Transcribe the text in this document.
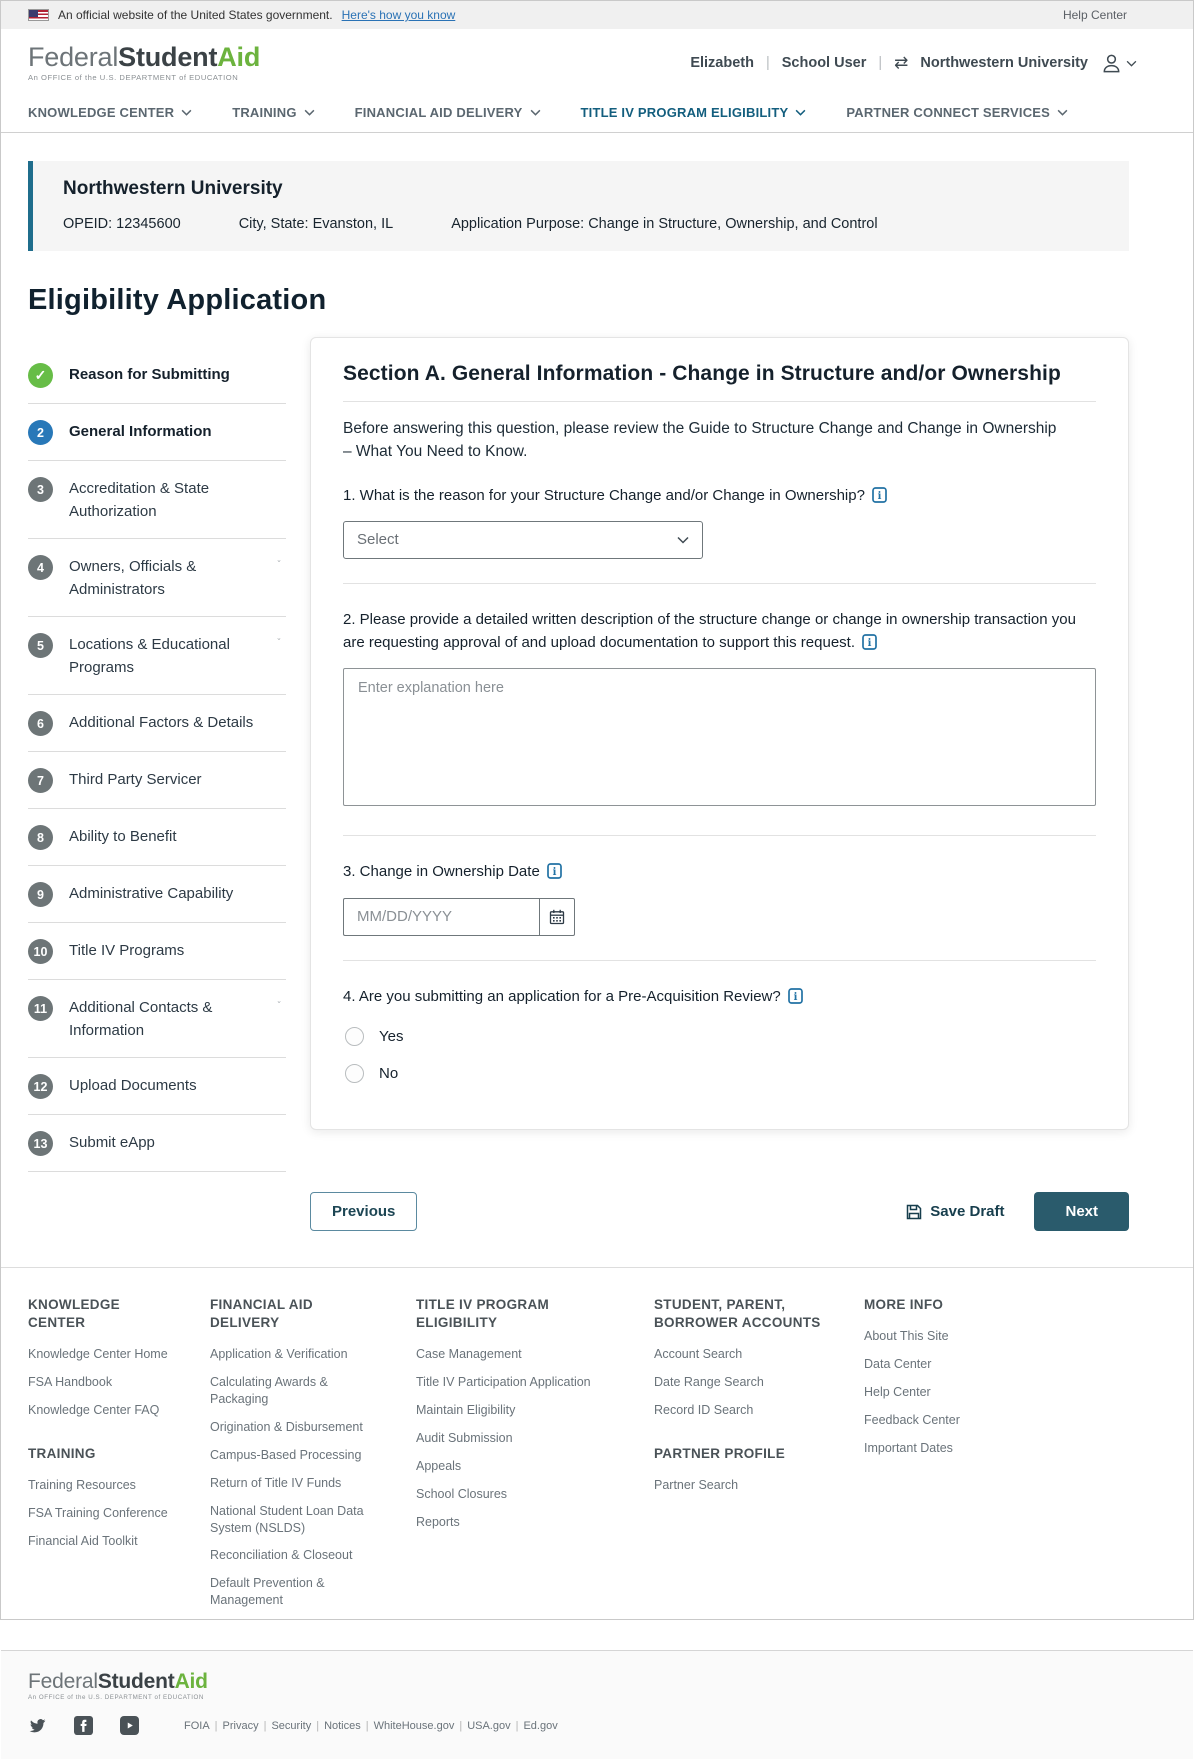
An official website of the United States government. Here's how you know	Help Center
FederalStudentAid
An OFFICE of the U.S. DEPARTMENT of EDUCATION
Elizabeth | School User | ⇄ Northwestern University
KNOWLEDGE CENTER	TRAINING	FINANCIAL AID DELIVERY	TITLE IV PROGRAM ELIGIBILITY	PARTNER CONNECT SERVICES
Northwestern University
OPEID: 12345600	City, State: Evanston, IL	Application Purpose: Change in Structure, Ownership, and Control
Eligibility Application
✓	Reason for Submitting
2	General Information
3	Accreditation & State Authorization
4	Owners, Officials & Administrators
5	Locations & Educational Programs
6	Additional Factors & Details
7	Third Party Servicer
8	Ability to Benefit
9	Administrative Capability
10	Title IV Programs
11	Additional Contacts & Information
12	Upload Documents
13	Submit eApp
Section A. General Information - Change in Structure and/or Ownership

Before answering this question, please review the Guide to Structure Change and Change in Ownership – What You Need to Know.

1. What is the reason for your Structure Change and/or Change in Ownership? i
Select
2. Please provide a detailed written description of the structure change or change in ownership transaction you are requesting approval of and upload documentation to support this request. i
Enter explanation here
3. Change in Ownership Date i
MM/DD/YYYY
4. Are you submitting an application for a Pre-Acquisition Review? i
Yes
No
Previous	Save Draft	Next
KNOWLEDGE CENTER
Knowledge Center Home
FSA Handbook
Knowledge Center FAQ
TRAINING
Training Resources
FSA Training Conference
Financial Aid Toolkit
FINANCIAL AID DELIVERY
Application & Verification
Calculating Awards & Packaging
Origination & Disbursement
Campus-Based Processing
Return of Title IV Funds
National Student Loan Data System (NSLDS)
Reconciliation & Closeout
Default Prevention & Management
TITLE IV PROGRAM ELIGIBILITY
Case Management
Title IV Participation Application
Maintain Eligibility
Audit Submission
Appeals
School Closures
Reports
STUDENT, PARENT, BORROWER ACCOUNTS
Account Search
Date Range Search
Record ID Search
PARTNER PROFILE
Partner Search
MORE INFO
About This Site
Data Center
Help Center
Feedback Center
Important Dates
FederalStudentAid
An OFFICE of the U.S. DEPARTMENT of EDUCATION
FOIA | Privacy | Security | Notices | WhiteHouse.gov | USA.gov | Ed.gov
